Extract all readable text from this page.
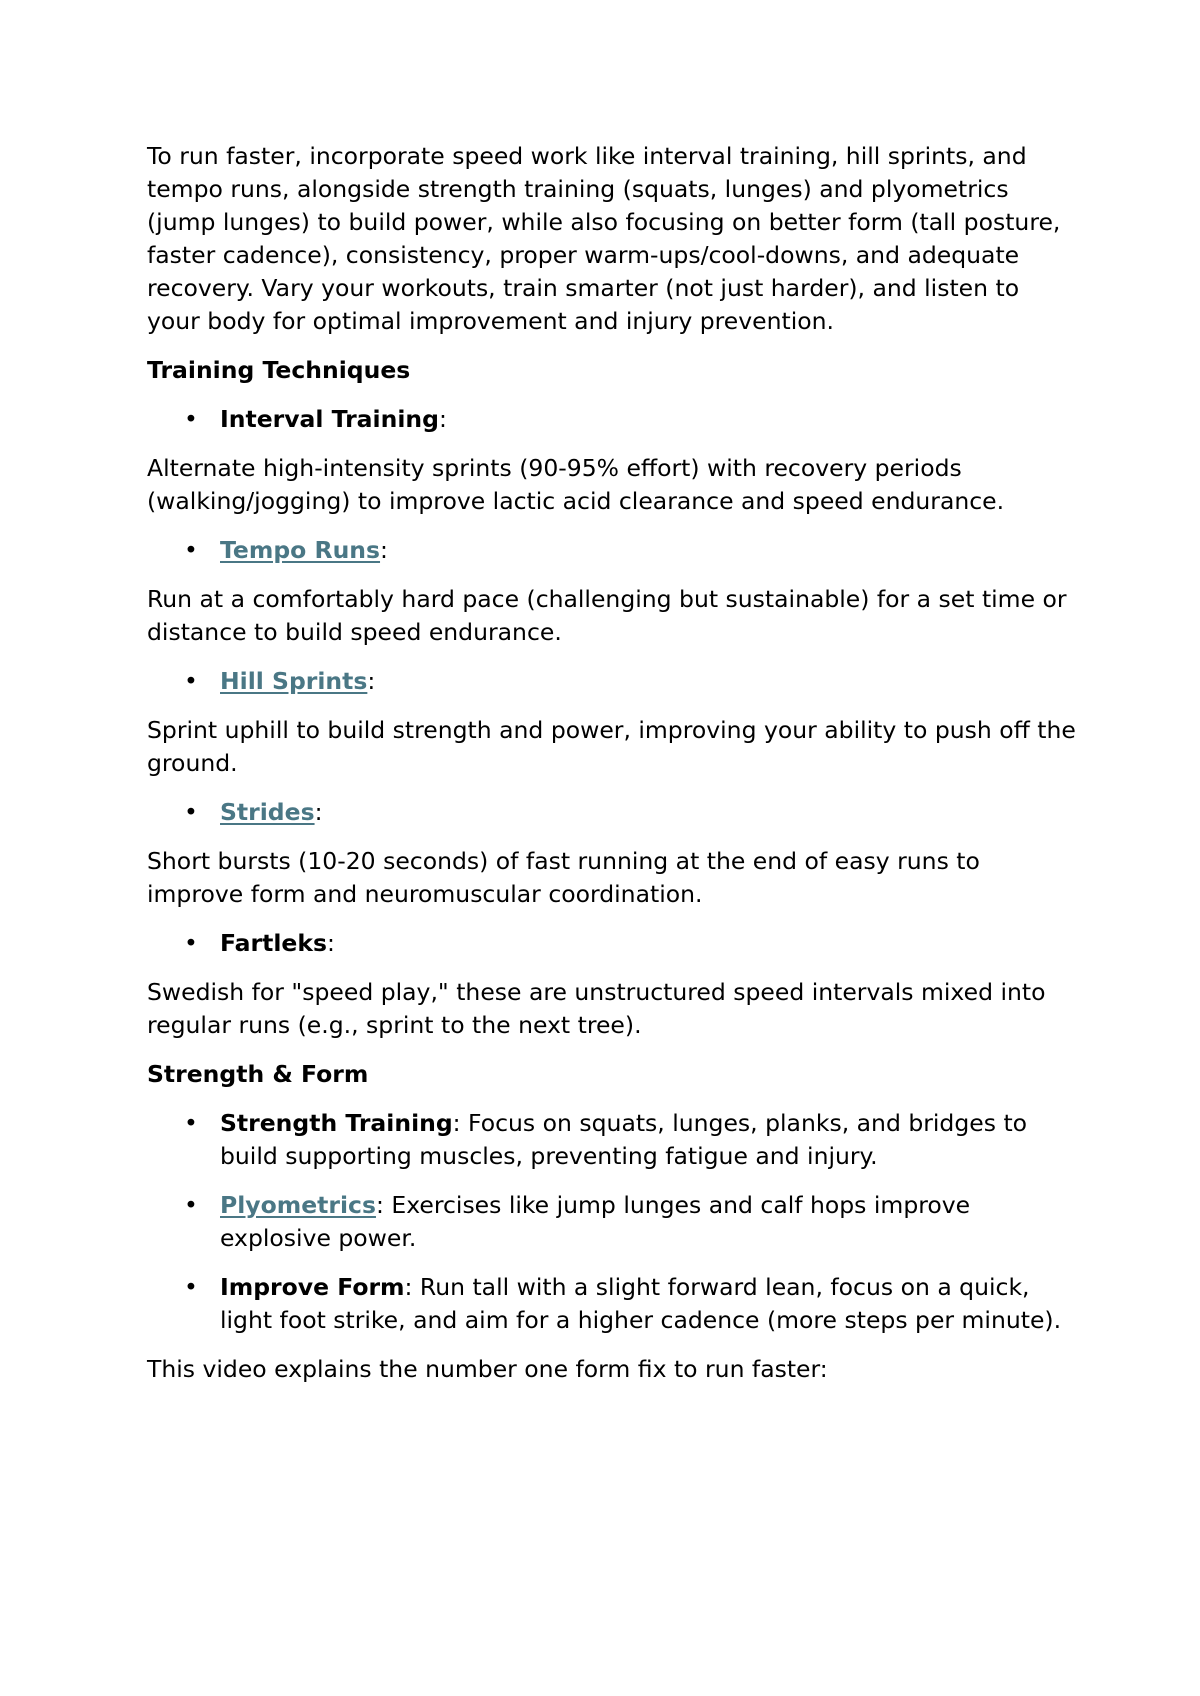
To run faster, incorporate speed work like interval training, hill sprints, and tempo runs, alongside strength training (squats, lunges) and plyometrics (jump lunges) to build power, while also focusing on better form (tall posture, faster cadence), consistency, proper warm-ups/cool-downs, and adequate recovery. Vary your workouts, train smarter (not just harder), and listen to your body for optimal improvement and injury prevention.

Training Techniques
• Interval Training:

Alternate high-intensity sprints (90-95% effort) with recovery periods (walking/jogging) to improve lactic acid clearance and speed endurance.

• Tempo Runs:

Run at a comfortably hard pace (challenging but sustainable) for a set time or distance to build speed endurance.

• Hill Sprints:

Sprint uphill to build strength and power, improving your ability to push off the ground.

• Strides:

Short bursts (10-20 seconds) of fast running at the end of easy runs to improve form and neuromuscular coordination.

• Fartleks:

Swedish for "speed play," these are unstructured speed intervals mixed into regular runs (e.g., sprint to the next tree).

Strength & Form
• Strength Training: Focus on squats, lunges, planks, and bridges to build supporting muscles, preventing fatigue and injury.
• Plyometrics: Exercises like jump lunges and calf hops improve explosive power.
• Improve Form: Run tall with a slight forward lean, focus on a quick, light foot strike, and aim for a higher cadence (more steps per minute).

This video explains the number one form fix to run faster:
